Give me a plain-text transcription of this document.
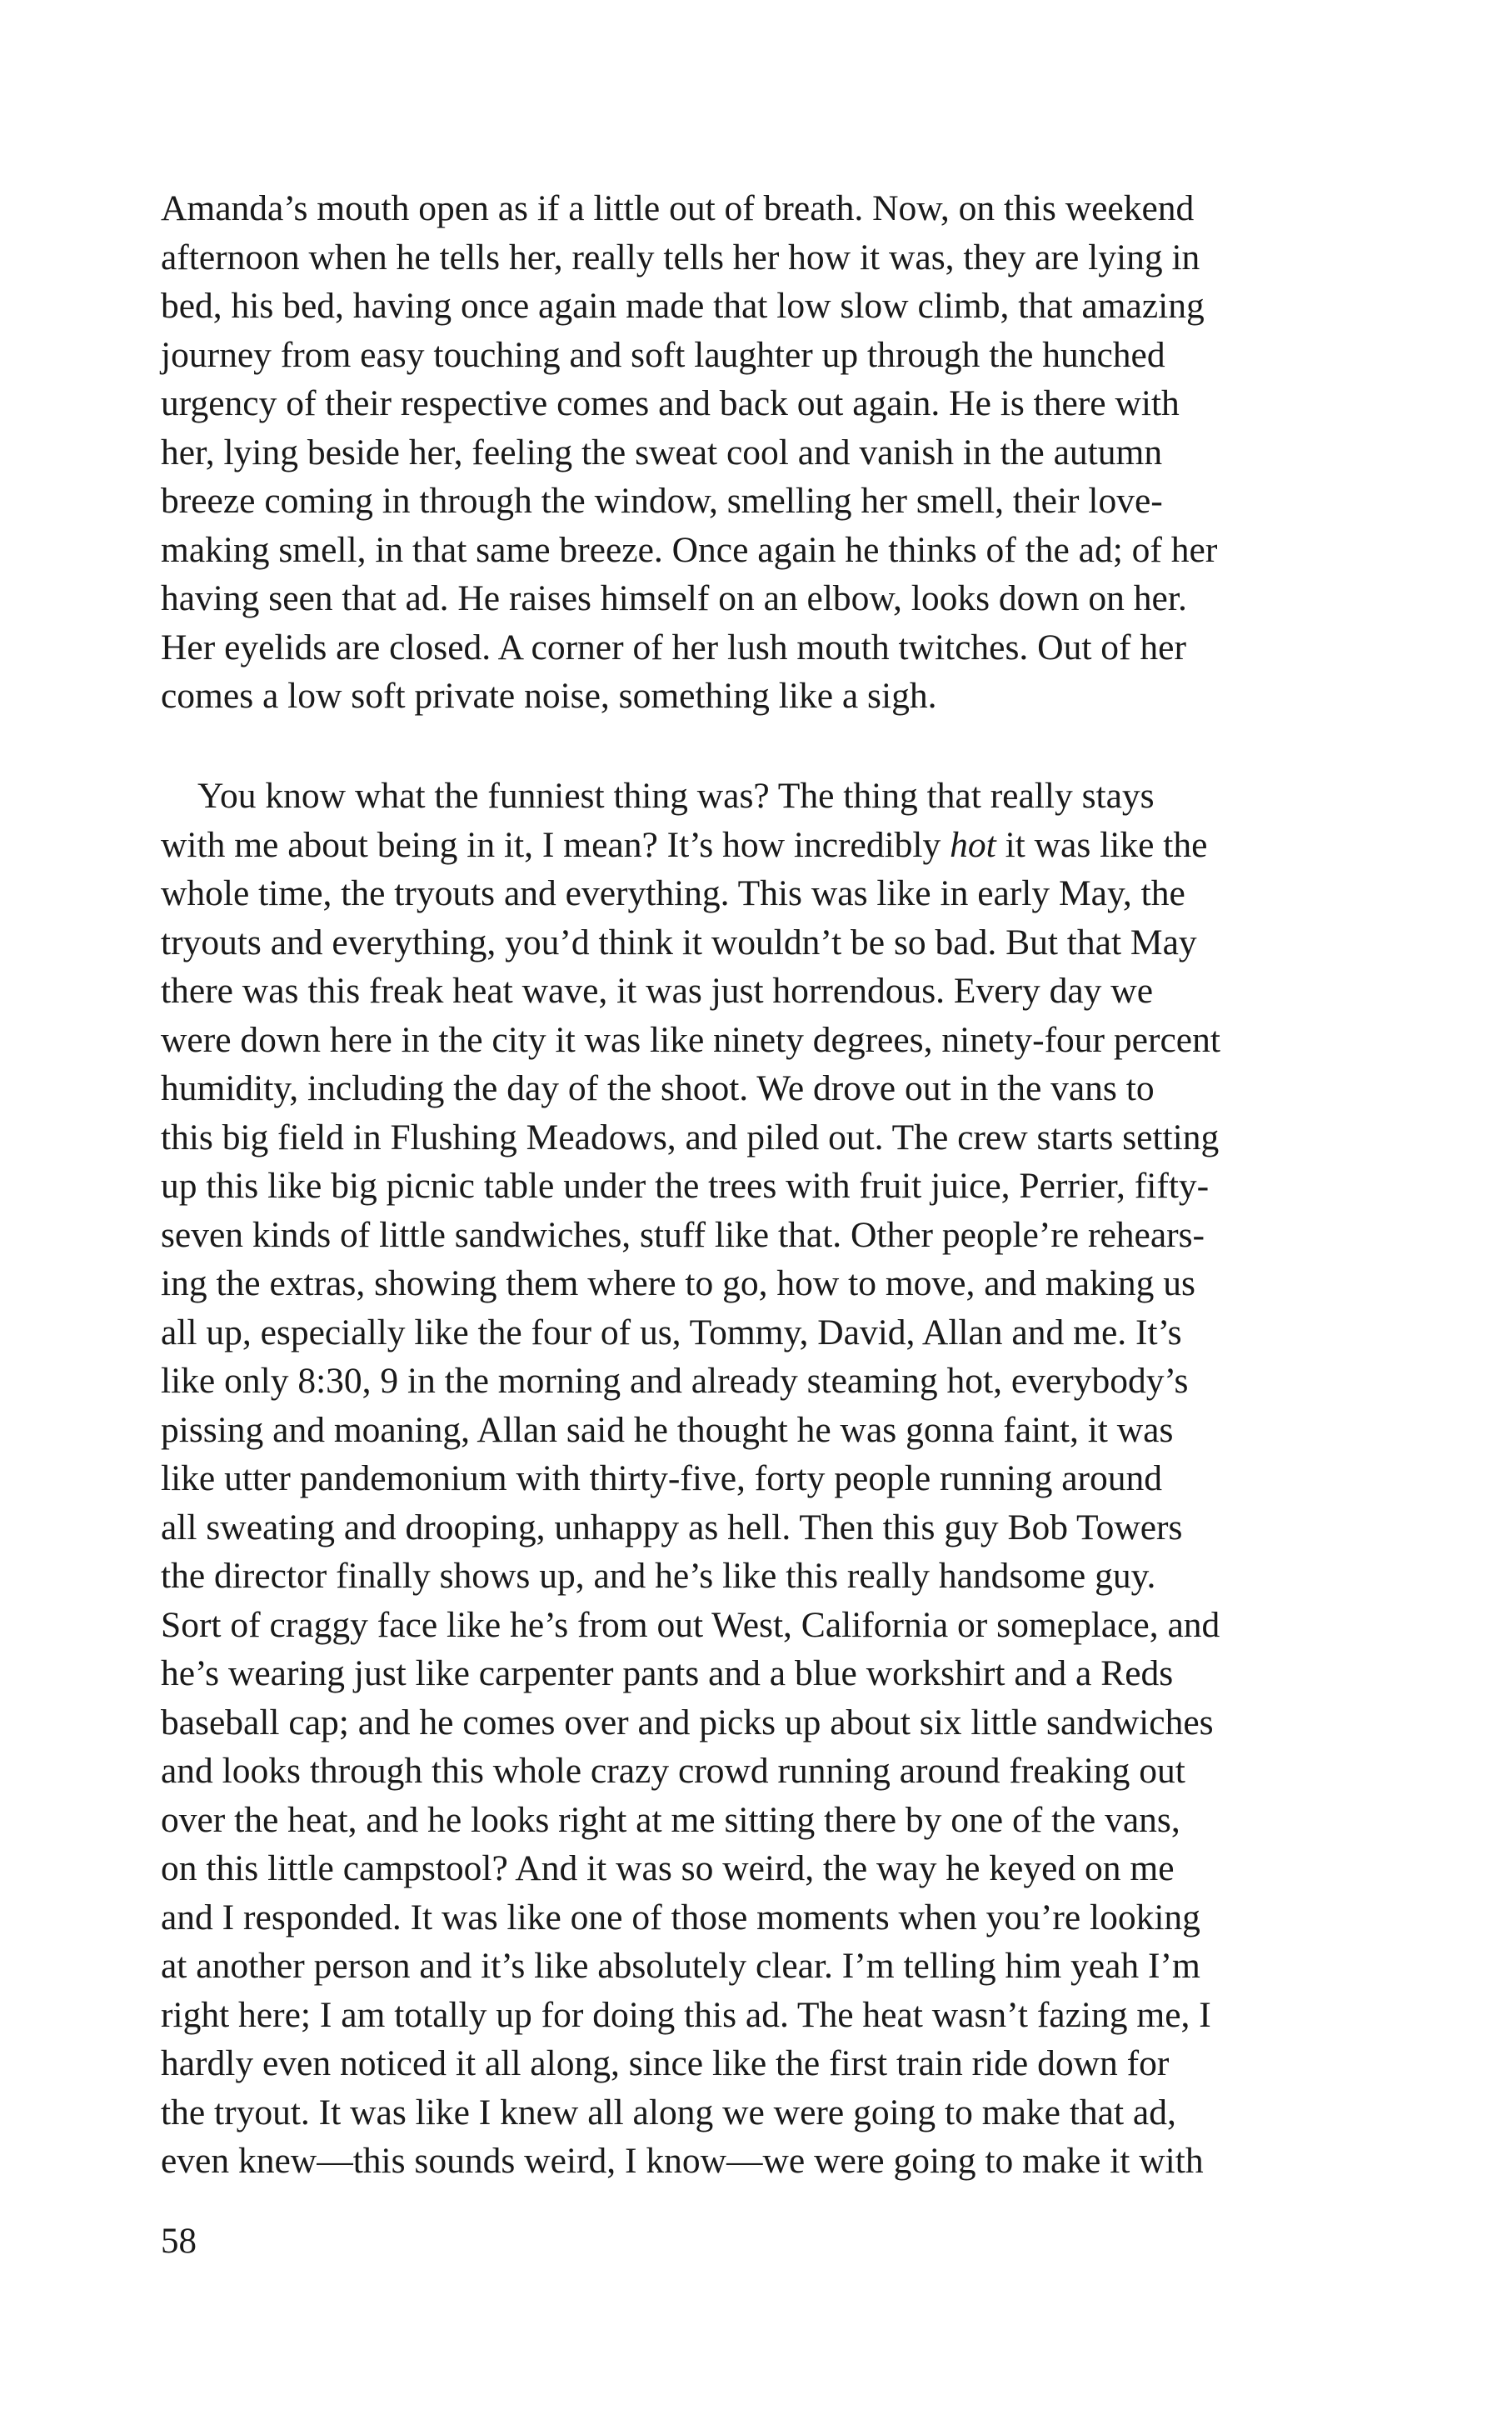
Amanda’s mouth open as if a little out of breath. Now, on this weekend
afternoon when he tells her, really tells her how it was, they are lying in
bed, his bed, having once again made that low slow climb, that amazing
journey from easy touching and soft laughter up through the hunched
urgency of their respective comes and back out again. He is there with
her, lying beside her, feeling the sweat cool and vanish in the autumn
breeze coming in through the window, smelling her smell, their love-
making smell, in that same breeze. Once again he thinks of the ad; of her
having seen that ad. He raises himself on an elbow, looks down on her.
Her eyelids are closed. A corner of her lush mouth twitches. Out of her
comes a low soft private noise, something like a sigh.

You know what the funniest thing was? The thing that really stays
with me about being in it, I mean? It’s how incredibly hot it was like the
whole time, the tryouts and everything. This was like in early May, the
tryouts and everything, you’d think it wouldn’t be so bad. But that May
there was this freak heat wave, it was just horrendous. Every day we
were down here in the city it was like ninety degrees, ninety-four percent
humidity, including the day of the shoot. We drove out in the vans to
this big field in Flushing Meadows, and piled out. The crew starts setting
up this like big picnic table under the trees with fruit juice, Perrier, fifty-
seven kinds of little sandwiches, stuff like that. Other people’re rehears-
ing the extras, showing them where to go, how to move, and making us
all up, especially like the four of us, Tommy, David, Allan and me. It’s
like only 8:30, 9 in the morning and already steaming hot, everybody’s
pissing and moaning, Allan said he thought he was gonna faint, it was
like utter pandemonium with thirty-five, forty people running around
all sweating and drooping, unhappy as hell. Then this guy Bob Towers
the director finally shows up, and he’s like this really handsome guy.
Sort of craggy face like he’s from out West, California or someplace, and
he’s wearing just like carpenter pants and a blue workshirt and a Reds
baseball cap; and he comes over and picks up about six little sandwiches
and looks through this whole crazy crowd running around freaking out
over the heat, and he looks right at me sitting there by one of the vans,
on this little campstool? And it was so weird, the way he keyed on me
and I responded. It was like one of those moments when you’re looking
at another person and it’s like absolutely clear. I’m telling him yeah I’m
right here; I am totally up for doing this ad. The heat wasn’t fazing me, I
hardly even noticed it all along, since like the first train ride down for
the tryout. It was like I knew all along we were going to make that ad,
even knew—this sounds weird, I know—we were going to make it with

58
